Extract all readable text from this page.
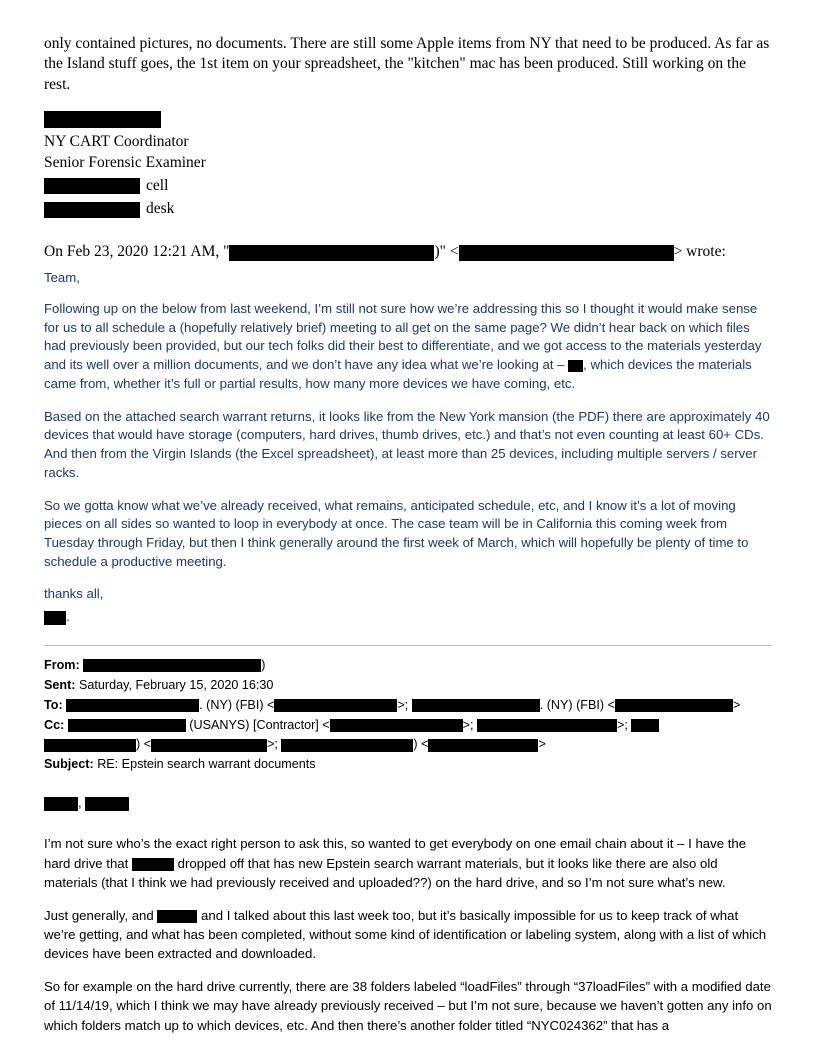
only contained pictures, no documents. There are still some Apple items from NY that need to be produced. As far as the Island stuff goes, the 1st item on your spreadsheet, the "kitchen" mac has been produced. Still working on the rest.

NY CART Coordinator
Senior Forensic Examiner
cell
desk
On Feb 23, 2020 12:21 AM, "	)" <	> wrote:

Team,

Following up on the below from last weekend, I’m still not sure how we’re addressing this so I thought it would make sense for us to all schedule a (hopefully relatively brief) meeting to all get on the same page? We didn’t hear back on which files had previously been provided, but our tech folks did their best to differentiate, and we got access to the materials yesterday and its well over a million documents, and we don’t have any idea what we’re looking at – , which devices the materials came from, whether it’s full or partial results, how many more devices we have coming, etc.

Based on the attached search warrant returns, it looks like from the New York mansion (the PDF) there are approximately 40 devices that would have storage (computers, hard drives, thumb drives, etc.) and that’s not even counting at least 60+ CDs. And then from the Virgin Islands (the Excel spreadsheet), at least more than 25 devices, including multiple servers / server racks.

So we gotta know what we’ve already received, what remains, anticipated schedule, etc, and I know it’s a lot of moving pieces on all sides so wanted to loop in everybody at once. The case team will be in California this coming week from Tuesday through Friday, but then I think generally around the first week of March, which will hopefully be plenty of time to schedule a productive meeting.

thanks all,

.

From:	)
Sent: Saturday, February 15, 2020 16:30
To:	. (NY) (FBI) <	>;	. (NY) (FBI) <	>
Cc:	(USANYS) [Contractor] <	>;	>;
) <	>;	) <	>
Subject: RE: Epstein search warrant documents

,

I’m not sure who’s the exact right person to ask this, so wanted to get everybody on one email chain about it – I have the hard drive that	dropped off that has new Epstein search warrant materials, but it looks like there are also old materials (that I think we had previously received and uploaded??) on the hard drive, and so I’m not sure what’s new.

Just generally, and	and I talked about this last week too, but it’s basically impossible for us to keep track of what we’re getting, and what has been completed, without some kind of identification or labeling system, along with a list of which devices have been extracted and downloaded.

So for example on the hard drive currently, there are 38 folders labeled “loadFiles” through “37loadFiles” with a modified date of 11/14/19, which I think we may have already previously received – but I’m not sure, because we haven’t gotten any info on which folders match up to which devices, etc. And then there’s another folder titled “NYC024362” that has a
